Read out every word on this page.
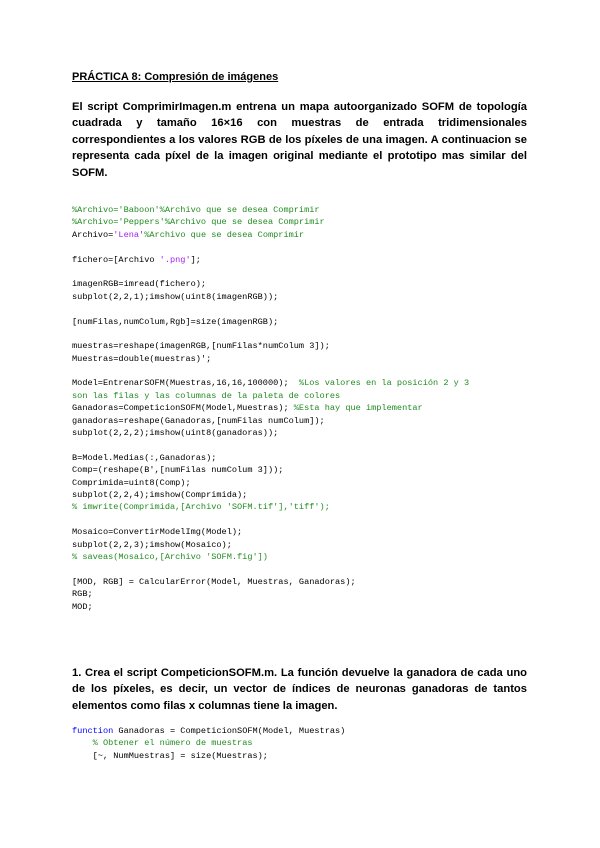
PRÁCTICA 8: Compresión de imágenes

El script ComprimirImagen.m entrena un mapa autoorganizado SOFM de topología cuadrada y tamaño 16×16 con muestras de entrada tridimensionales correspondientes a los valores RGB de los píxeles de una imagen. A continuacion se representa cada píxel de la imagen original mediante el prototipo mas similar del SOFM.

%Archivo='Baboon'%Archivo que se desea Comprimir
%Archivo='Peppers'%Archivo que se desea Comprimir
Archivo='Lena'%Archivo que se desea Comprimir
fichero=[Archivo '.png'];
imagenRGB=imread(fichero);
subplot(2,2,1);imshow(uint8(imagenRGB));
[numFilas,numColum,Rgb]=size(imagenRGB);
muestras=reshape(imagenRGB,[numFilas*numColum 3]);
Muestras=double(muestras)';
Model=EntrenarSOFM(Muestras,16,16,100000);  %Los valores en la posición 2 y 3
son las filas y las columnas de la paleta de colores
Ganadoras=CompeticionSOFM(Model,Muestras); %Esta hay que implementar
ganadoras=reshape(Ganadoras,[numFilas numColum]);
subplot(2,2,2);imshow(uint8(ganadoras));
B=Model.Medias(:,Ganadoras);
Comp=(reshape(B',[numFilas numColum 3]));
Comprimida=uint8(Comp);
subplot(2,2,4);imshow(Comprimida);
% imwrite(Comprimida,[Archivo 'SOFM.tif'],'tiff');
Mosaico=ConvertirModelImg(Model);
subplot(2,2,3);imshow(Mosaico);
% saveas(Mosaico,[Archivo 'SOFM.fig'])
[MOD, RGB] = CalcularError(Model, Muestras, Ganadoras);
RGB;
MOD;

1. Crea el script CompeticionSOFM.m. La función devuelve la ganadora de cada uno de los píxeles, es decir, un vector de índices de neuronas ganadoras de tantos elementos como filas x columnas tiene la imagen.

function Ganadoras = CompeticionSOFM(Model, Muestras)
% Obtener el número de muestras
[~, NumMuestras] = size(Muestras);
